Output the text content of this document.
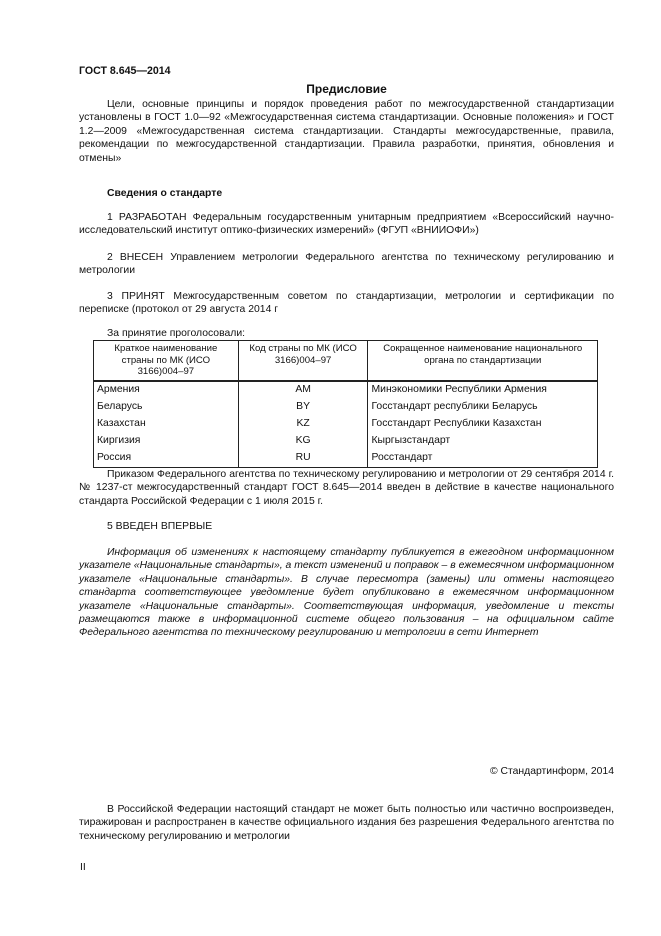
ГОСТ 8.645—2014
Предисловие

Цели, основные принципы и порядок проведения работ по межгосударственной стандартизации установлены в ГОСТ 1.0—92 «Межгосударственная система стандартизации. Основные положения» и ГОСТ 1.2—2009 «Межгосударственная система стандартизации. Стандарты межгосударственные, правила, рекомендации по межгосударственной стандартизации. Правила разработки, принятия, обновления и отмены»

Сведения о стандарте

1 РАЗРАБОТАН Федеральным государственным унитарным предприятием «Всероссийский научно-исследовательский институт оптико-физических измерений» (ФГУП «ВНИИОФИ»)

2 ВНЕСЕН Управлением метрологии Федерального агентства по техническому регулированию и метрологии

3 ПРИНЯТ Межгосударственным советом по стандартизации, метрологии и сертификации по переписке (протокол от 29 августа 2014 г

За принятие проголосовали:
Краткое наименование страны по МК (ИСО 3166)004–97	Код страны по МК (ИСО 3166)004–97	Сокращенное наименование национального органа по стандартизации
Армения	AM	Минэкономики Республики Армения
Беларусь	BY	Госстандарт республики Беларусь
Казахстан	KZ	Госстандарт Республики Казахстан
Киргизия	KG	Кыргызстандарт
Россия	RU	Росстандарт

Приказом Федерального агентства по техническому регулированию и метрологии от 29 сентября 2014 г. № 1237-ст межгосударственный стандарт ГОСТ 8.645—2014 введен в действие в качестве национального стандарта Российской Федерации с 1 июля 2015 г.

5 ВВЕДЕН ВПЕРВЫЕ

Информация об изменениях к настоящему стандарту публикуется в ежегодном информационном указателе «Национальные стандарты», а текст изменений и поправок – в ежемесячном информационном указателе «Национальные стандарты». В случае пересмотра (замены) или отмены настоящего стандарта соответствующее уведомление будет опубликовано в ежемесячном информационном указателе «Национальные стандарты». Соответствующая информация, уведомление и тексты размещаются также в информационной системе общего пользования – на официальном сайте Федерального агентства по техническому регулированию и метрологии в сети Интернет

© Стандартинформ, 2014

В Российской Федерации настоящий стандарт не может быть полностью или частично воспроизведен, тиражирован и распространен в качестве официального издания без разрешения Федерального агентства по техническому регулированию и метрологии

II
